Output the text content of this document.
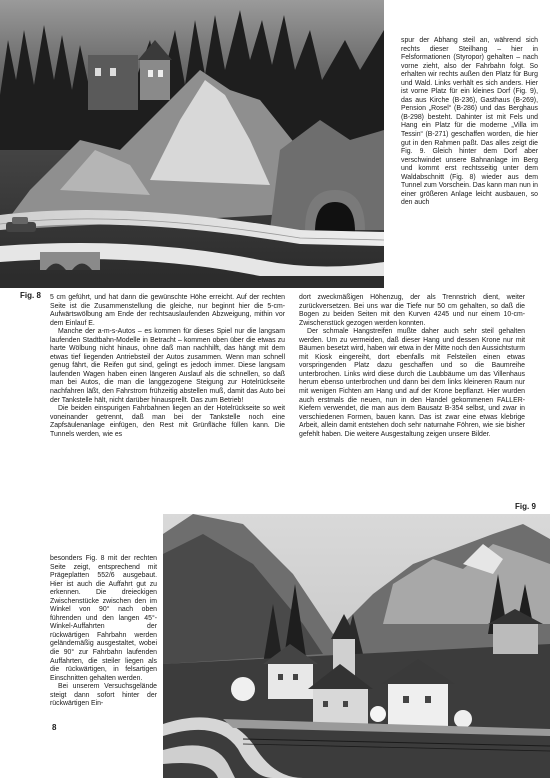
Fig. 8

spur der Abhang steil an, während sich rechts dieser Steilhang – hier in Felsformationen (Styropor) gehalten – nach vorne zieht, also der Fahrbahn folgt. So erhalten wir rechts außen den Platz für Burg und Wald. Links verhält es sich anders. Hier ist vorne Platz für ein kleines Dorf (Fig. 9), das aus Kirche (B-236), Gasthaus (B-269), Pension „Rosel“ (B-286) und das Berghaus (B-298) besteht. Dahinter ist mit Fels und Hang ein Platz für die moderne „Villa im Tessin“ (B-271) geschaffen worden, die hier gut in den Rahmen paßt. Das alles zeigt die Fig. 9. Gleich hinter dem Dorf aber verschwindet unsere Bahnanlage im Berg und kommt erst rechtsseitig unter dem Waldabschnitt (Fig. 8) wieder aus dem Tunnel zum Vorschein. Das kann man nun in einer größeren Anlage leicht ausbauen, so den auch

5 cm geführt, und hat dann die gewünschte Höhe erreicht. Auf der rechten Seite ist die Zusammenstellung die gleiche, nur beginnt hier die 5-cm-Aufwärtswölbung am Ende der rechtsauslaufenden Abzweigung, mithin vor dem Einlauf E.

Manche der a-m-s-Autos – es kommen für dieses Spiel nur die langsam laufenden Stadtbahn-Modelle in Betracht – kommen oben über die etwas zu harte Wölbung nicht hinaus, ohne daß man nachhilft, das hängt mit dem etwas tief liegenden Antriebsteil der Autos zusammen. Wenn man schnell genug fährt, die Reifen gut sind, gelingt es jedoch immer. Diese langsam laufenden Wagen haben einen längeren Auslauf als die schnellen, so daß man bei Autos, die man die langgezogene Steigung zur Hotelrückseite nachfahren läßt, den Fahrstrom frühzeitig abstellen muß, damit das Auto bei der Tankstelle hält, nicht darüber hinausprellt. Das zum Betrieb!

Die beiden einspurigen Fahrbahnen liegen an der Hotelrückseite so weit voneinander getrennt, daß man bei der Tankstelle noch eine Zapfsäulenanlage einfügen, den Rest mit Grünfläche füllen kann. Die Tunnels werden, wie es

dort zweckmäßigen Höhenzug, der als Trennstrich dient, weiter zurückversetzen. Bei uns war die Tiefe nur 50 cm gehalten, so daß die Bogen zu beiden Seiten mit den Kurven 4245 und nur einem 10-cm-Zwischenstück gezogen werden konnten.

Der schmale Hangstreifen mußte daher auch sehr steil gehalten werden. Um zu vermeiden, daß dieser Hang und dessen Krone nur mit Bäumen besetzt wird, haben wir etwa in der Mitte noch den Aussichtsturm mit Kiosk eingereiht, dort ebenfalls mit Felsteilen einen etwas vorspringenden Platz dazu geschaffen und so die Baumreihe unterbrochen. Links wird diese durch die Laubbäume um das Villenhaus herum ebenso unterbrochen und dann bei dem links kleineren Raum nur mit wenigen Fichten am Hang und auf der Krone bepflanzt. Hier wurden auch erstmals die neuen, nun in den Handel gekommenen FALLER-Kiefern verwendet, die man aus dem Bausatz B-354 selbst, und zwar in verschiedenen Formen, bauen kann. Das ist zwar eine etwas klebrige Arbeit, allein damit entstehen doch sehr naturnahe Föhren, wie sie bisher gefehlt haben. Die weitere Ausgestaltung zeigen unsere Bilder.

Fig. 9

besonders Fig. 8 mit der rechten Seite zeigt, entsprechend mit Prägeplatten 552/6 ausgebaut. Hier ist auch die Auffahrt gut zu erkennen. Die dreieckigen Zwischenstücke zwischen den im Winkel von 90° nach oben führenden und den langen 45°-Winkel-Auffahrten der rückwärtigen Fahrbahn werden geländemäßig ausgestaltet, wobei die 90° zur Fahrbahn laufenden Auffahrten, die steiler liegen als die rückwärtigen, in felsartigen Einschnitten gehalten werden.

Bei unserem Versuchsgelände steigt dann sofort hinter der rückwärtigen Ein-

8
